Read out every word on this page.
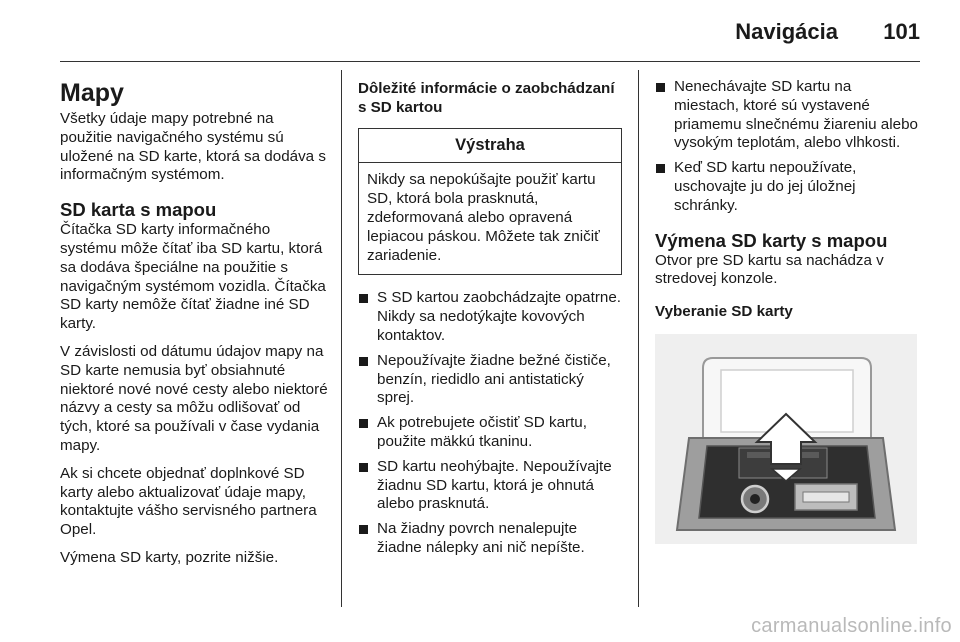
Navigácia 101
Mapy

Všetky údaje mapy potrebné na použitie navigačného systému sú uložené na SD karte, ktorá sa dodáva s informačným systémom.

SD karta s mapou

Čítačka SD karty informačného systému môže čítať iba SD kartu, ktorá sa dodáva špeciálne na použitie s navigačným systémom vozidla. Čítačka SD karty nemôže čítať žiadne iné SD karty.

V závislosti od dátumu údajov mapy na SD karte nemusia byť obsiahnuté niektoré nové nové cesty alebo niektoré názvy a cesty sa môžu odlišovať od tých, ktoré sa používali v čase vydania mapy.

Ak si chcete objednať doplnkové SD karty alebo aktualizovať údaje mapy, kontaktujte vášho servisného partnera Opel.

Výmena SD karty, pozrite nižšie.

Dôležité informácie o zaobchádzaní s SD kartou
Výstraha
Nikdy sa nepokúšajte použiť kartu SD, ktorá bola prasknutá, zdeformovaná alebo opravená lepiacou páskou. Môžete tak zničiť zariadenie.
S SD kartou zaobchádzajte opatrne. Nikdy sa nedotýkajte kovových kontaktov.
Nepoužívajte žiadne bežné čističe, benzín, riedidlo ani antistatický sprej.
Ak potrebujete očistiť SD kartu, použite mäkkú tkaninu.
SD kartu neohýbajte. Nepoužívajte žiadnu SD kartu, ktorá je ohnutá alebo prasknutá.
Na žiadny povrch nenalepujte žiadne nálepky ani nič nepíšte.
Nenechávajte SD kartu na miestach, ktoré sú vystavené priamemu slnečnému žiareniu alebo vysokým teplotám, alebo vlhkosti.
Keď SD kartu nepoužívate, uschovajte ju do jej úložnej schránky.
Výmena SD karty s mapou

Otvor pre SD kartu sa nachádza v stredovej konzole.

Vyberanie SD karty
carmanualsonline.info
